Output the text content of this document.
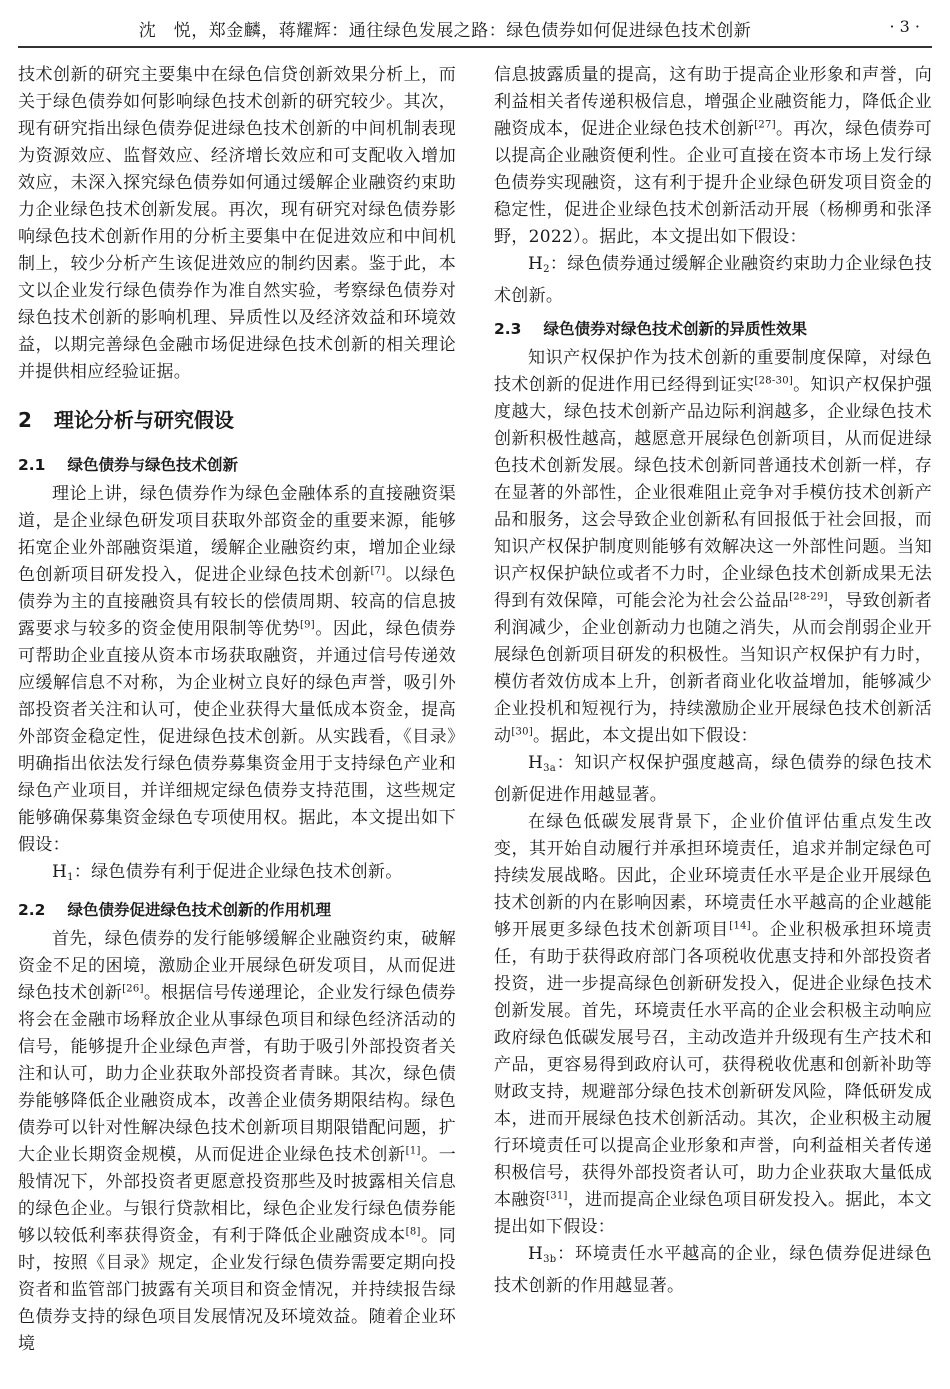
沈　悦，郑金麟，蒋耀辉：通往绿色发展之路：绿色债券如何促进绿色技术创新	· 3 ·

技术创新的研究主要集中在绿色信贷创新效果分析上，而关于绿色债券如何影响绿色技术创新的研究较少。其次，现有研究指出绿色债券促进绿色技术创新的中间机制表现为资源效应、监督效应、经济增长效应和可支配收入增加效应，未深入探究绿色债券如何通过缓解企业融资约束助力企业绿色技术创新发展。再次，现有研究对绿色债券影响绿色技术创新作用的分析主要集中在促进效应和中间机制上，较少分析产生该促进效应的制约因素。鉴于此，本文以企业发行绿色债券作为准自然实验，考察绿色债券对绿色技术创新的影响机理、异质性以及经济效益和环境效益，以期完善绿色金融市场促进绿色技术创新的相关理论并提供相应经验证据。

2 理论分析与研究假设
2.1 绿色债券与绿色技术创新

理论上讲，绿色债券作为绿色金融体系的直接融资渠道，是企业绿色研发项目获取外部资金的重要来源，能够拓宽企业外部融资渠道，缓解企业融资约束，增加企业绿色创新项目研发投入，促进企业绿色技术创新[7]。以绿色债券为主的直接融资具有较长的偿债周期、较高的信息披露要求与较多的资金使用限制等优势[9]。因此，绿色债券可帮助企业直接从资本市场获取融资，并通过信号传递效应缓解信息不对称，为企业树立良好的绿色声誉，吸引外部投资者关注和认可，使企业获得大量低成本资金，提高外部资金稳定性，促进绿色技术创新。从实践看，《目录》明确指出依法发行绿色债券募集资金用于支持绿色产业和绿色产业项目，并详细规定绿色债券支持范围，这些规定能够确保募集资金绿色专项使用权。据此，本文提出如下假设：

$H_1$：绿色债券有利于促进企业绿色技术创新。

2.2 绿色债券促进绿色技术创新的作用机理

首先，绿色债券的发行能够缓解企业融资约束，破解资金不足的困境，激励企业开展绿色研发项目，从而促进绿色技术创新[26]。根据信号传递理论，企业发行绿色债券将会在金融市场释放企业从事绿色项目和绿色经济活动的信号，能够提升企业绿色声誉，有助于吸引外部投资者关注和认可，助力企业获取外部投资者青睐。其次，绿色债券能够降低企业融资成本，改善企业债务期限结构。绿色债券可以针对性解决绿色技术创新项目期限错配问题，扩大企业长期资金规模，从而促进企业绿色技术创新[1]。一般情况下，外部投资者更愿意投资那些及时披露相关信息的绿色企业。与银行贷款相比，绿色企业发行绿色债券能够以较低利率获得资金，有利于降低企业融资成本[8]。同时，按照《目录》规定，企业发行绿色债券需要定期向投资者和监管部门披露有关项目和资金情况，并持续报告绿色债券支持的绿色项目发展情况及环境效益。随着企业环境

信息披露质量的提高，这有助于提高企业形象和声誉，向利益相关者传递积极信息，增强企业融资能力，降低企业融资成本，促进企业绿色技术创新[27]。再次，绿色债券可以提高企业融资便利性。企业可直接在资本市场上发行绿色债券实现融资，这有利于提升企业绿色研发项目资金的稳定性，促进企业绿色技术创新活动开展（杨柳勇和张泽野，2022）。据此，本文提出如下假设：

$H_2$：绿色债券通过缓解企业融资约束助力企业绿色技术创新。

2.3 绿色债券对绿色技术创新的异质性效果

知识产权保护作为技术创新的重要制度保障，对绿色技术创新的促进作用已经得到证实[28-30]。知识产权保护强度越大，绿色技术创新产品边际利润越多，企业绿色技术创新积极性越高，越愿意开展绿色创新项目，从而促进绿色技术创新发展。绿色技术创新同普通技术创新一样，存在显著的外部性，企业很难阻止竞争对手模仿技术创新产品和服务，这会导致企业创新私有回报低于社会回报，而知识产权保护制度则能够有效解决这一外部性问题。当知识产权保护缺位或者不力时，企业绿色技术创新成果无法得到有效保障，可能会沦为社会公益品[28-29]，导致创新者利润减少，企业创新动力也随之消失，从而会削弱企业开展绿色创新项目研发的积极性。当知识产权保护有力时，模仿者效仿成本上升，创新者商业化收益增加，能够减少企业投机和短视行为，持续激励企业开展绿色技术创新活动[30]。据此，本文提出如下假设：

$H_{3a}$：知识产权保护强度越高，绿色债券的绿色技术创新促进作用越显著。

在绿色低碳发展背景下，企业价值评估重点发生改变，其开始自动履行并承担环境责任，追求并制定绿色可持续发展战略。因此，企业环境责任水平是企业开展绿色技术创新的内在影响因素，环境责任水平越高的企业越能够开展更多绿色技术创新项目[14]。企业积极承担环境责任，有助于获得政府部门各项税收优惠支持和外部投资者投资，进一步提高绿色创新研发投入，促进企业绿色技术创新发展。首先，环境责任水平高的企业会积极主动响应政府绿色低碳发展号召，主动改造并升级现有生产技术和产品，更容易得到政府认可，获得税收优惠和创新补助等财政支持，规避部分绿色技术创新研发风险，降低研发成本，进而开展绿色技术创新活动。其次，企业积极主动履行环境责任可以提高企业形象和声誉，向利益相关者传递积极信号，获得外部投资者认可，助力企业获取大量低成本融资[31]，进而提高企业绿色项目研发投入。据此，本文提出如下假设：

$H_{3b}$：环境责任水平越高的企业，绿色债券促进绿色技术创新的作用越显著。
